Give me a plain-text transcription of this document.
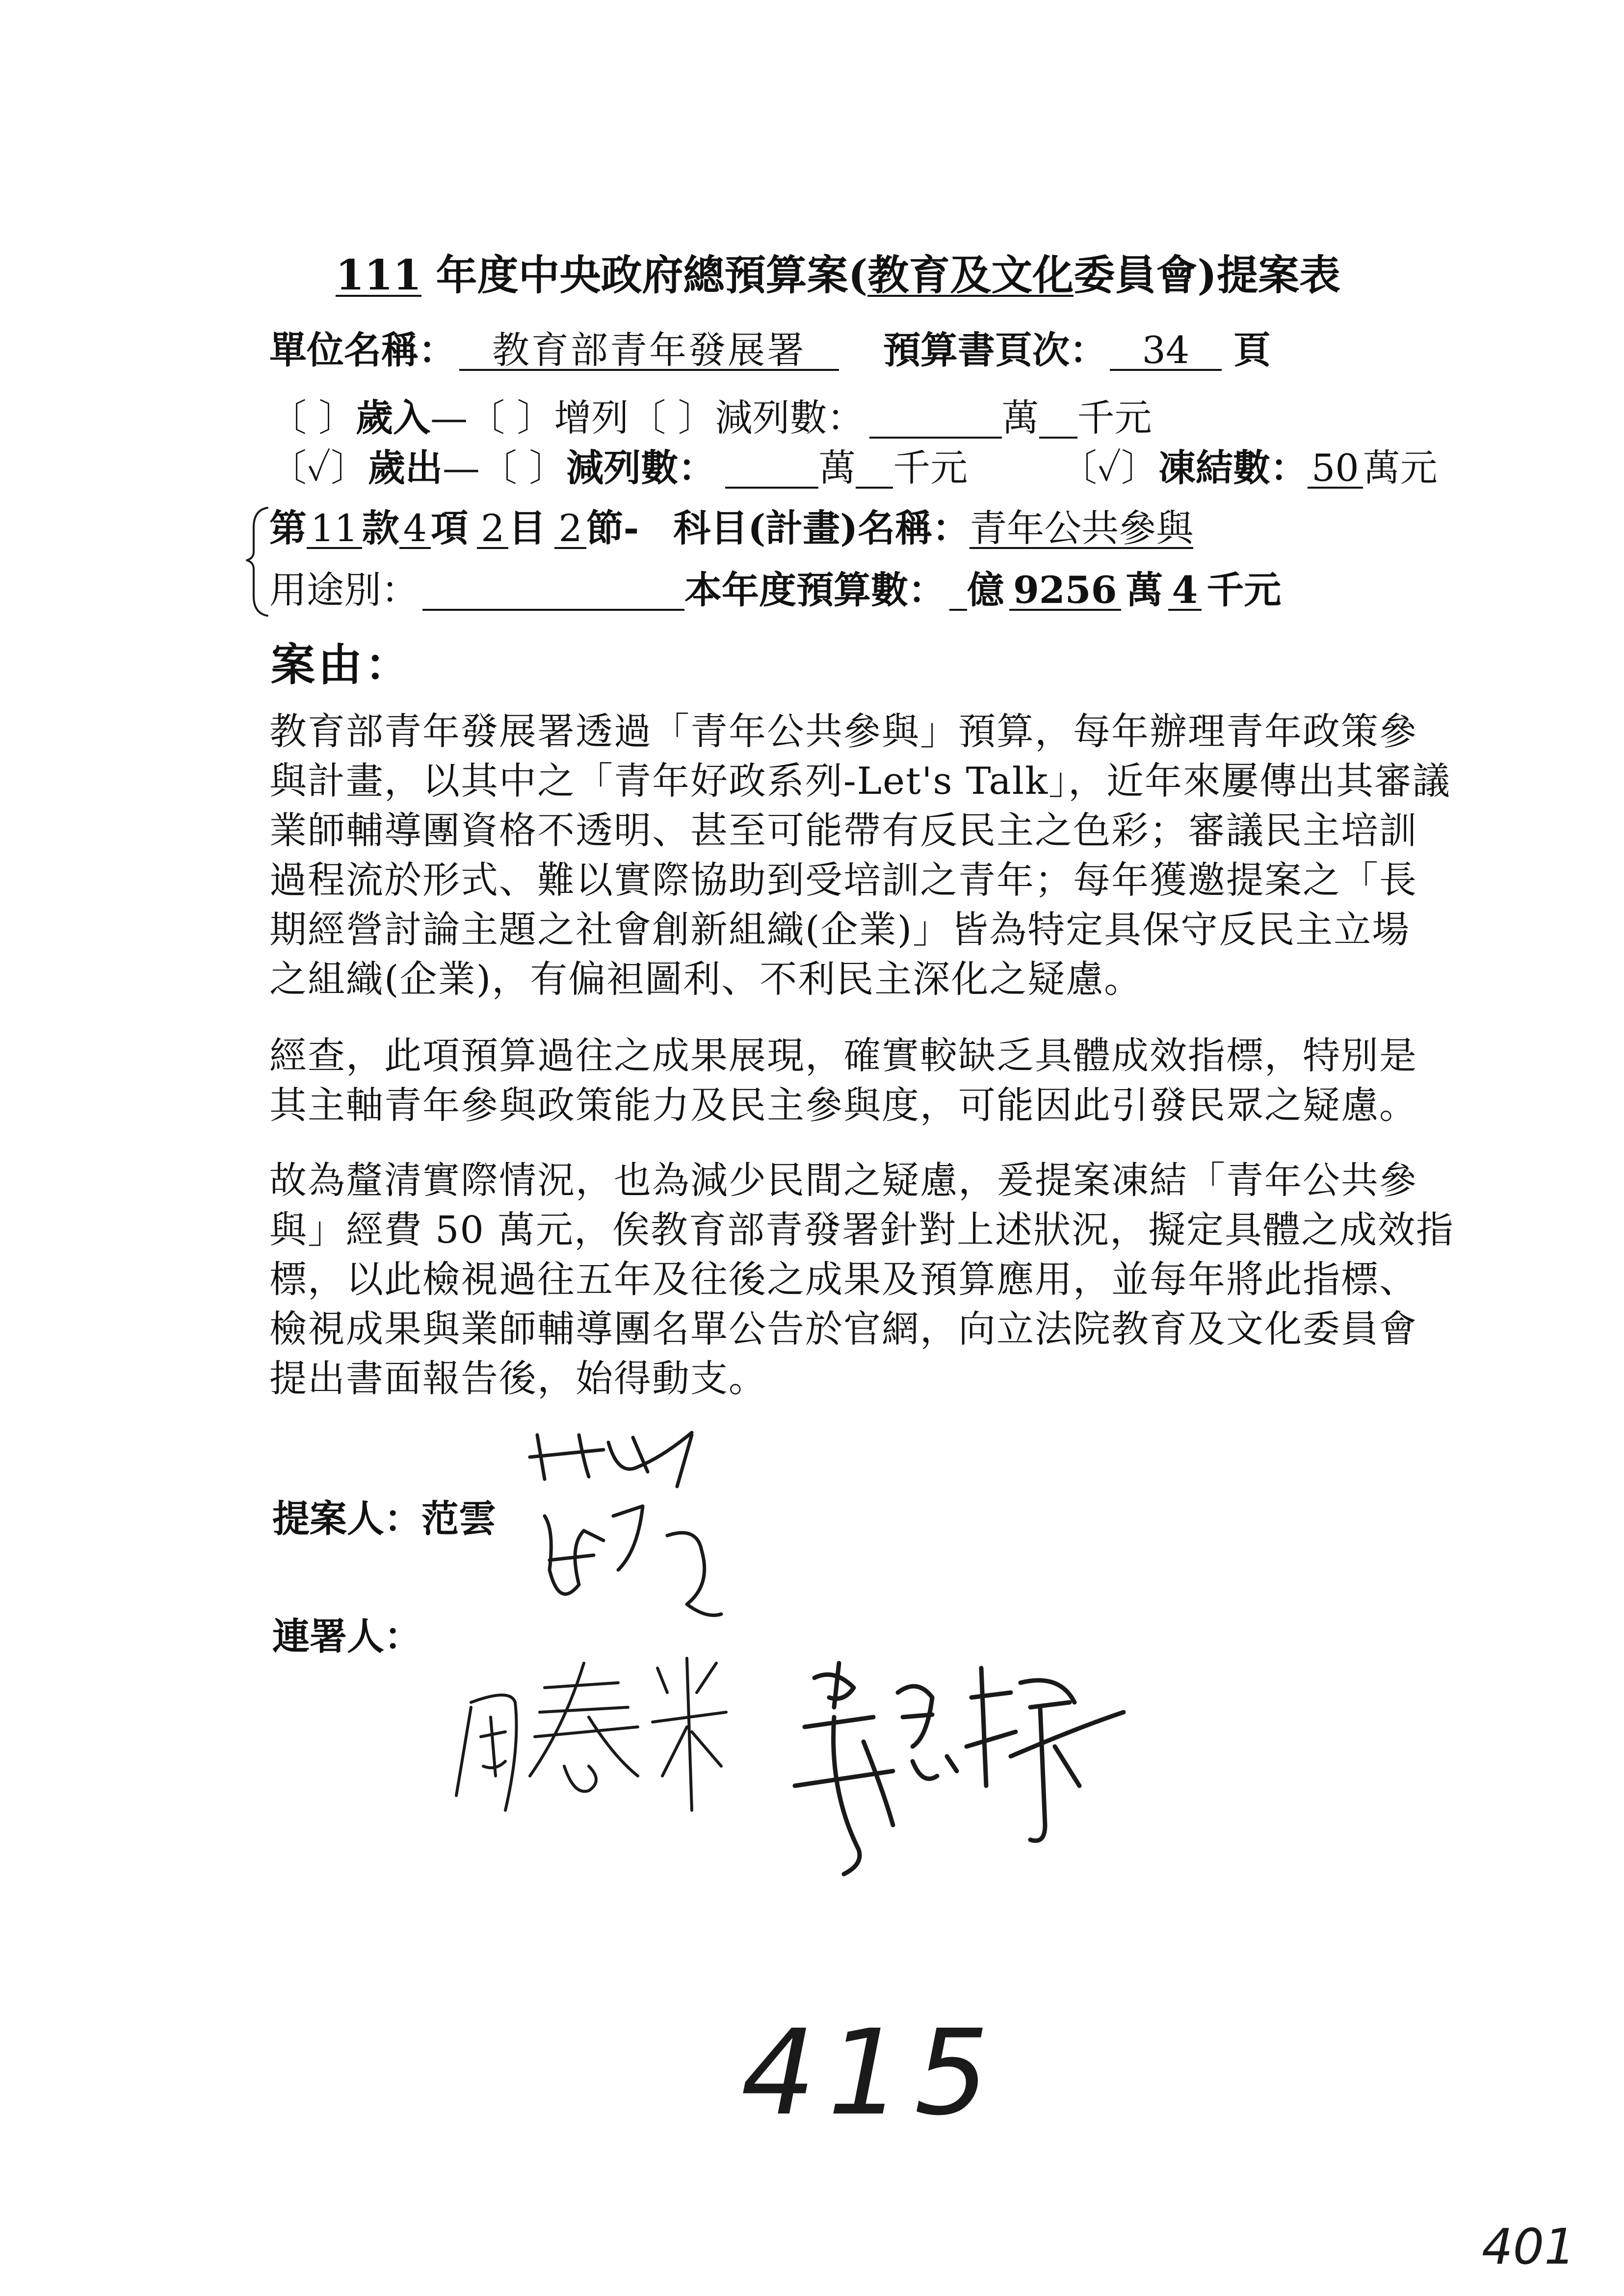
111 年度中央政府總預算案(教育及文化委員會)提案表
單位名稱： 教育部青年發展署	預算書頁次： 34	頁
〔 〕歲入—〔 〕增列〔 〕減列數：	萬 千元
〔✓〕歲出—〔 〕減列數：	萬 千元 〔✓〕凍結數： 50 萬元
第 11 款 4 項 2 目 2 節- 科目(計畫)名稱：青年公共參與
用途別：	本年度預算數： 億 9256 萬 4 千元
案由：
教育部青年發展署透過「青年公共參與」預算，每年辦理青年政策參
與計畫，以其中之「青年好政系列-Let's Talk」，近年來屢傳出其審議
業師輔導團資格不透明、甚至可能帶有反民主之色彩；審議民主培訓
過程流於形式、難以實際協助到受培訓之青年；每年獲邀提案之「長
期經營討論主題之社會創新組織(企業)」皆為特定具保守反民主立場
之組織(企業)，有偏袒圖利、不利民主深化之疑慮。
經查，此項預算過往之成果展現，確實較缺乏具體成效指標，特別是
其主軸青年參與政策能力及民主參與度，可能因此引發民眾之疑慮。
故為釐清實際情況，也為減少民間之疑慮，爰提案凍結「青年公共參
與」經費 50 萬元，俟教育部青發署針對上述狀況，擬定具體之成效指
標，以此檢視過往五年及往後之成果及預算應用，並每年將此指標、
檢視成果與業師輔導團名單公告於官網，向立法院教育及文化委員會
提出書面報告後，始得動支。
提案人：范雲
連署人：
415
401
